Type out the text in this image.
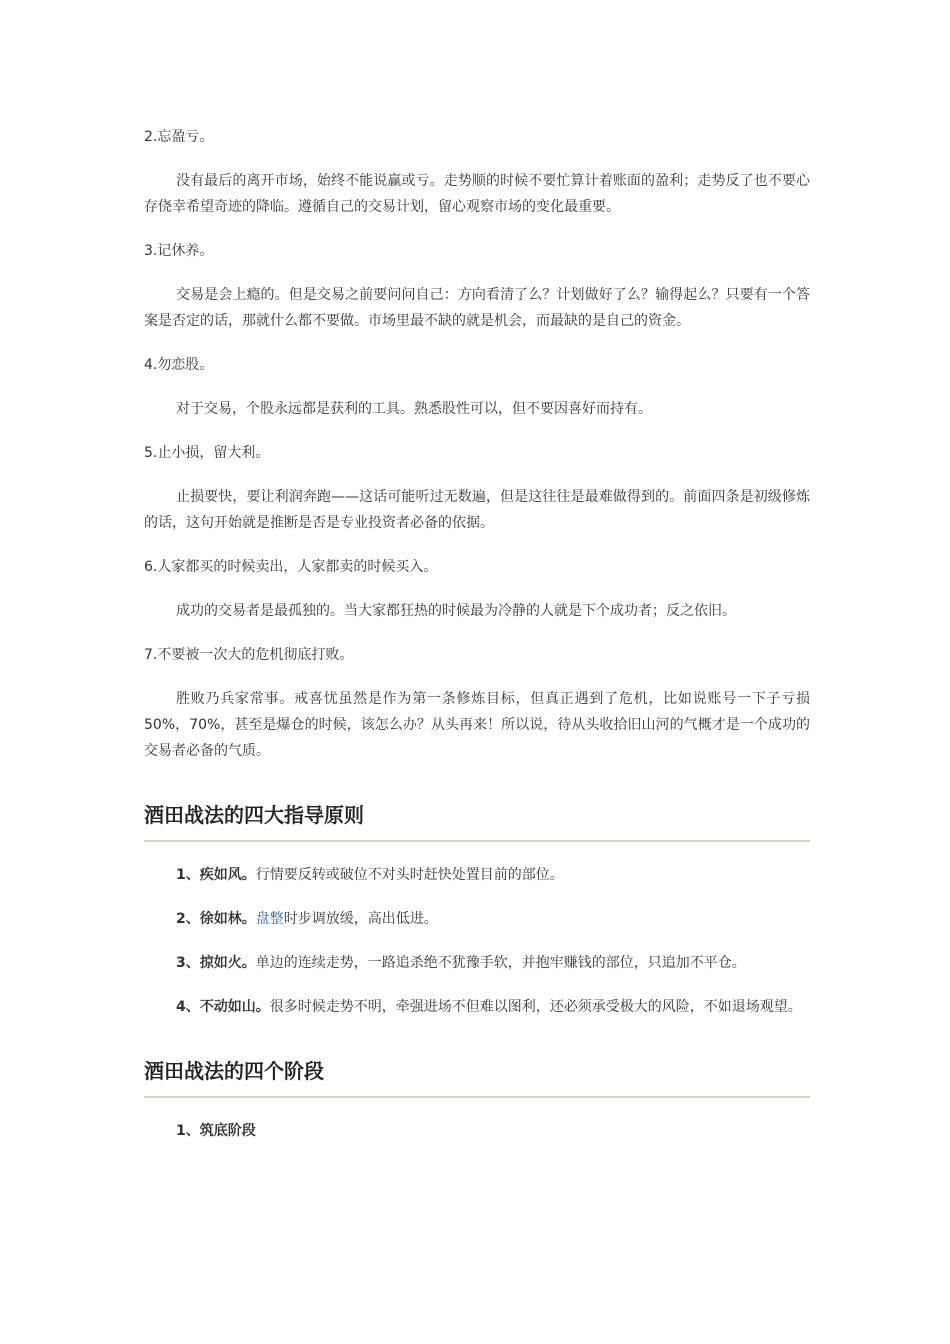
2.忘盈亏。

没有最后的离开市场，始终不能说赢或亏。走势顺的时候不要忙算计着账面的盈利；走势反了也不要心存侥幸希望奇迹的降临。遵循自己的交易计划，留心观察市场的变化最重要。

3.记休养。

交易是会上瘾的。但是交易之前要问问自己：方向看清了么？计划做好了么？输得起么？只要有一个答案是否定的话，那就什么都不要做。市场里最不缺的就是机会，而最缺的是自己的资金。

4.勿恋股。

对于交易，个股永远都是获利的工具。熟悉股性可以，但不要因喜好而持有。

5.止小损，留大利。

止损要快，要让利润奔跑——这话可能听过无数遍，但是这往往是最难做得到的。前面四条是初级修炼的话，这句开始就是推断是否是专业投资者必备的依据。

6.人家都买的时候卖出，人家都卖的时候买入。

成功的交易者是最孤独的。当大家都狂热的时候最为冷静的人就是下个成功者；反之依旧。

7.不要被一次大的危机彻底打败。

胜败乃兵家常事。戒喜忧虽然是作为第一条修炼目标，但真正遇到了危机，比如说账号一下子亏损50%，70%，甚至是爆仓的时候，该怎么办？从头再来！所以说，待从头收拾旧山河的气概才是一个成功的交易者必备的气质。

酒田战法的四大指导原则

1、疾如风。行情要反转或破位不对头时赶快处置目前的部位。

2、徐如林。盘整时步调放缓，高出低进。

3、掠如火。单边的连续走势，一路追杀绝不犹豫手软，并抱牢赚钱的部位，只追加不平仓。

4、不动如山。很多时候走势不明，牵强进场不但难以图利，还必须承受极大的风险，不如退场观望。

酒田战法的四个阶段

1、筑底阶段
